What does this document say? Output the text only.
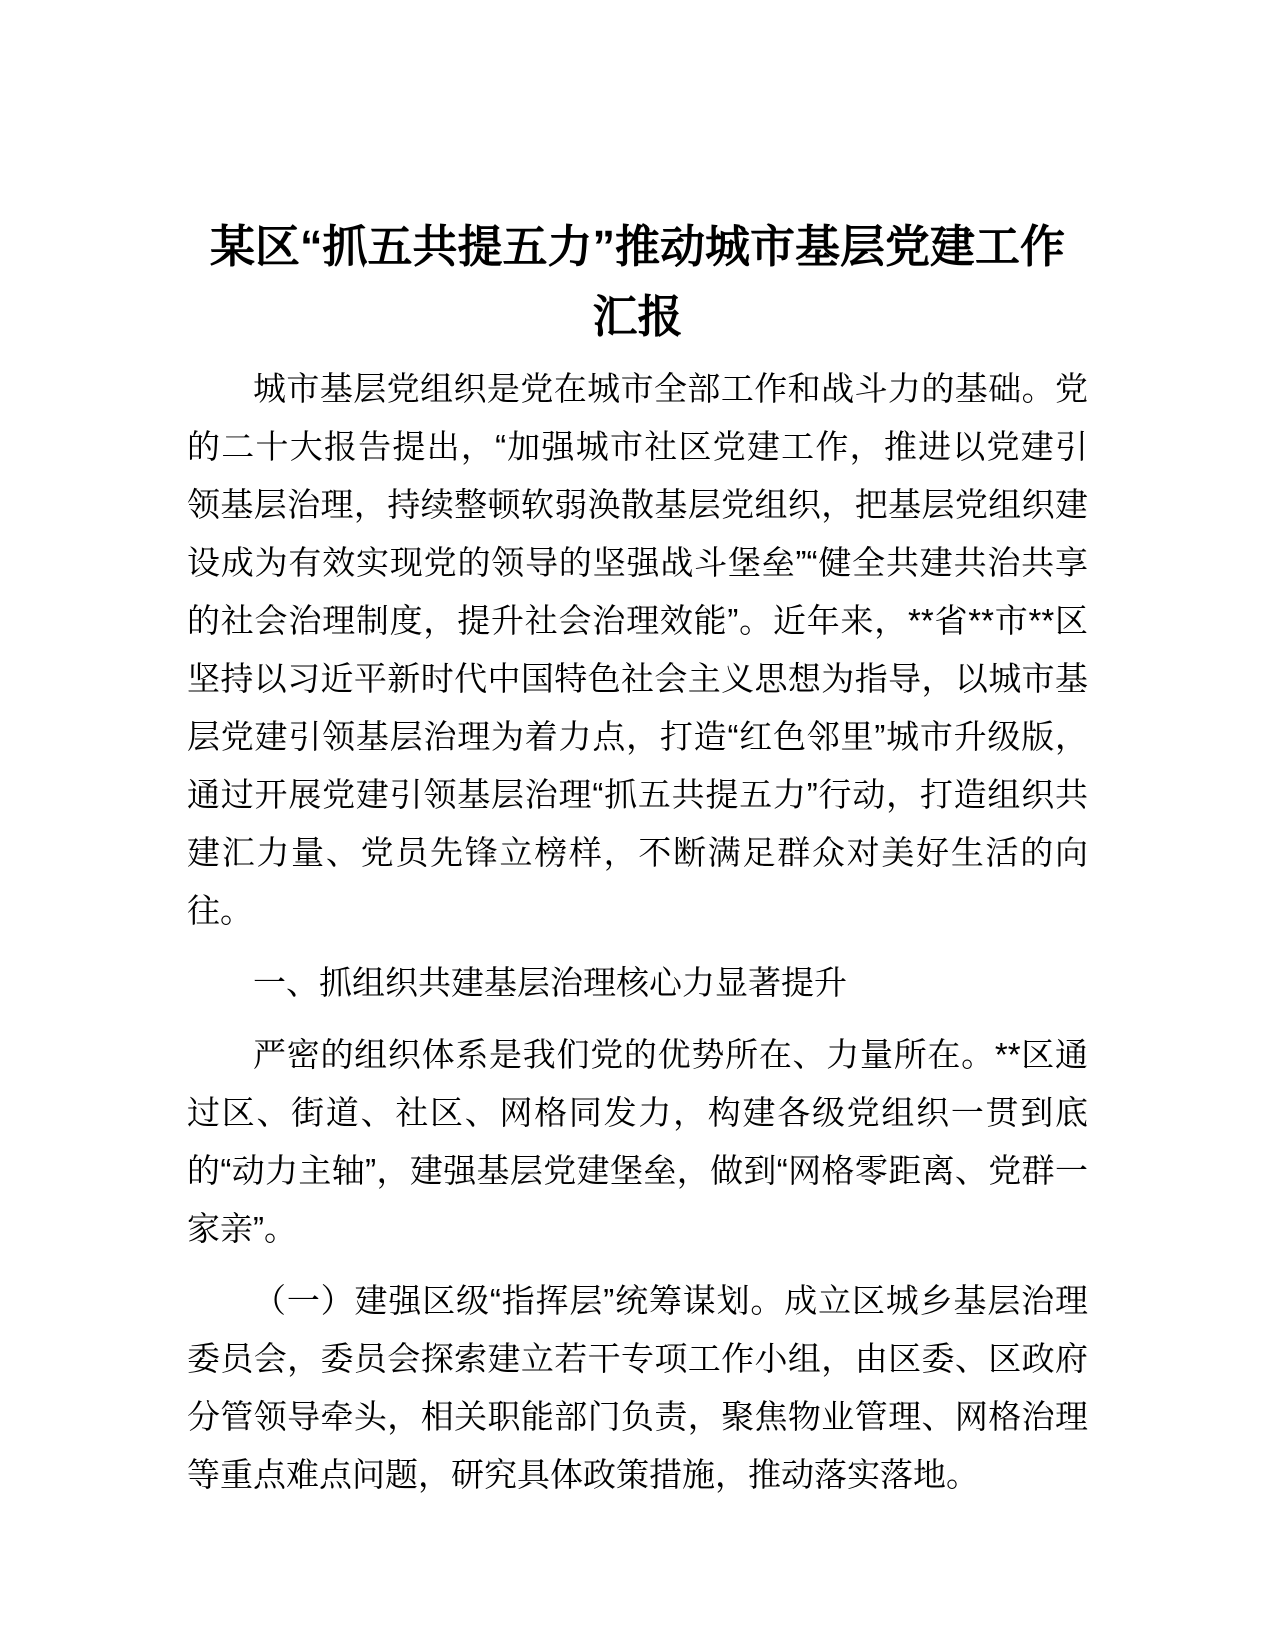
某区“抓五共提五力”推动城市基层党建工作
汇报

城市基层党组织是党在城市全部工作和战斗力的基础。党的二十大报告提出，“加强城市社区党建工作，推进以党建引领基层治理，持续整顿软弱涣散基层党组织，把基层党组织建设成为有效实现党的领导的坚强战斗堡垒”“健全共建共治共享的社会治理制度，提升社会治理效能”。近年来，**省**市**区坚持以习近平新时代中国特色社会主义思想为指导，以城市基层党建引领基层治理为着力点，打造“红色邻里”城市升级版，通过开展党建引领基层治理“抓五共提五力”行动，打造组织共建汇力量、党员先锋立榜样，不断满足群众对美好生活的向往。

一、抓组织共建基层治理核心力显著提升

严密的组织体系是我们党的优势所在、力量所在。**区通过区、街道、社区、网格同发力，构建各级党组织一贯到底的“动力主轴”，建强基层党建堡垒，做到“网格零距离、党群一家亲”。

（一）建强区级“指挥层”统筹谋划。成立区城乡基层治理委员会，委员会探索建立若干专项工作小组，由区委、区政府分管领导牵头，相关职能部门负责，聚焦物业管理、网格治理等重点难点问题，研究具体政策措施，推动落实落地。
